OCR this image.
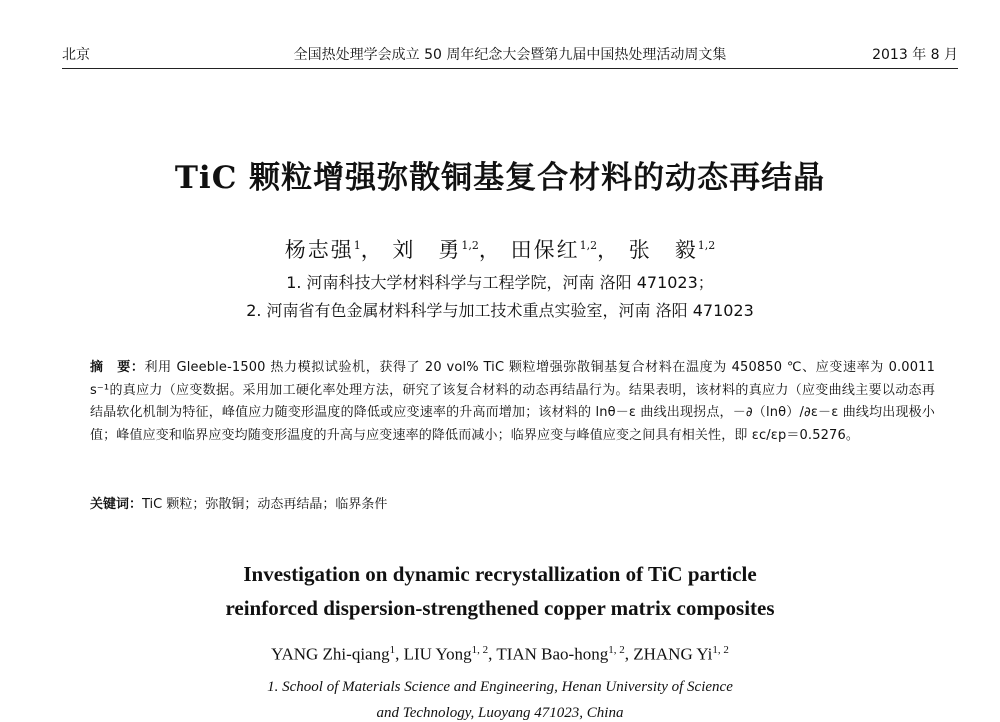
北京	全国热处理学会成立 50 周年纪念大会暨第九届中国热处理活动周文集	2013 年 8 月
TiC 颗粒增强弥散铜基复合材料的动态再结晶
杨志强$^1$， 刘　勇$^{1,2}$， 田保红$^{1,2}$， 张　毅$^{1,2}$
1. 河南科技大学材料科学与工程学院，河南 洛阳 471023；
2. 河南省有色金属材料科学与加工技术重点实验室，河南 洛阳 471023
摘　要：利用 Gleeble-1500 热力模拟试验机，获得了 20 vol% TiC 颗粒增强弥散铜基复合材料在温度为 450850 ℃、应变速率为 0.0011 s⁻¹的真应力（应变数据。采用加工硬化率处理方法，研究了该复合材料的动态再结晶行为。结果表明，该材料的真应力（应变曲线主要以动态再结晶软化机制为特征，峰值应力随变形温度的降低或应变速率的升高而增加；该材料的 lnθ－ε 曲线出现拐点，－∂（lnθ）/∂ε－ε 曲线均出现极小值；峰值应变和临界应变均随变形温度的升高与应变速率的降低而减小；临界应变与峰值应变之间具有相关性，即 εc/εp＝0.5276。
关键词：TiC 颗粒；弥散铜；动态再结晶；临界条件
Investigation on dynamic recrystallization of TiC particle
reinforced dispersion-strengthened copper matrix composites
YANG Zhi-qiang$^1$, LIU Yong$^{1, 2}$, TIAN Bao-hong$^{1, 2}$, ZHANG Yi$^{1, 2}$
1. School of Materials Science and Engineering, Henan University of Science
and Technology, Luoyang 471023, China
